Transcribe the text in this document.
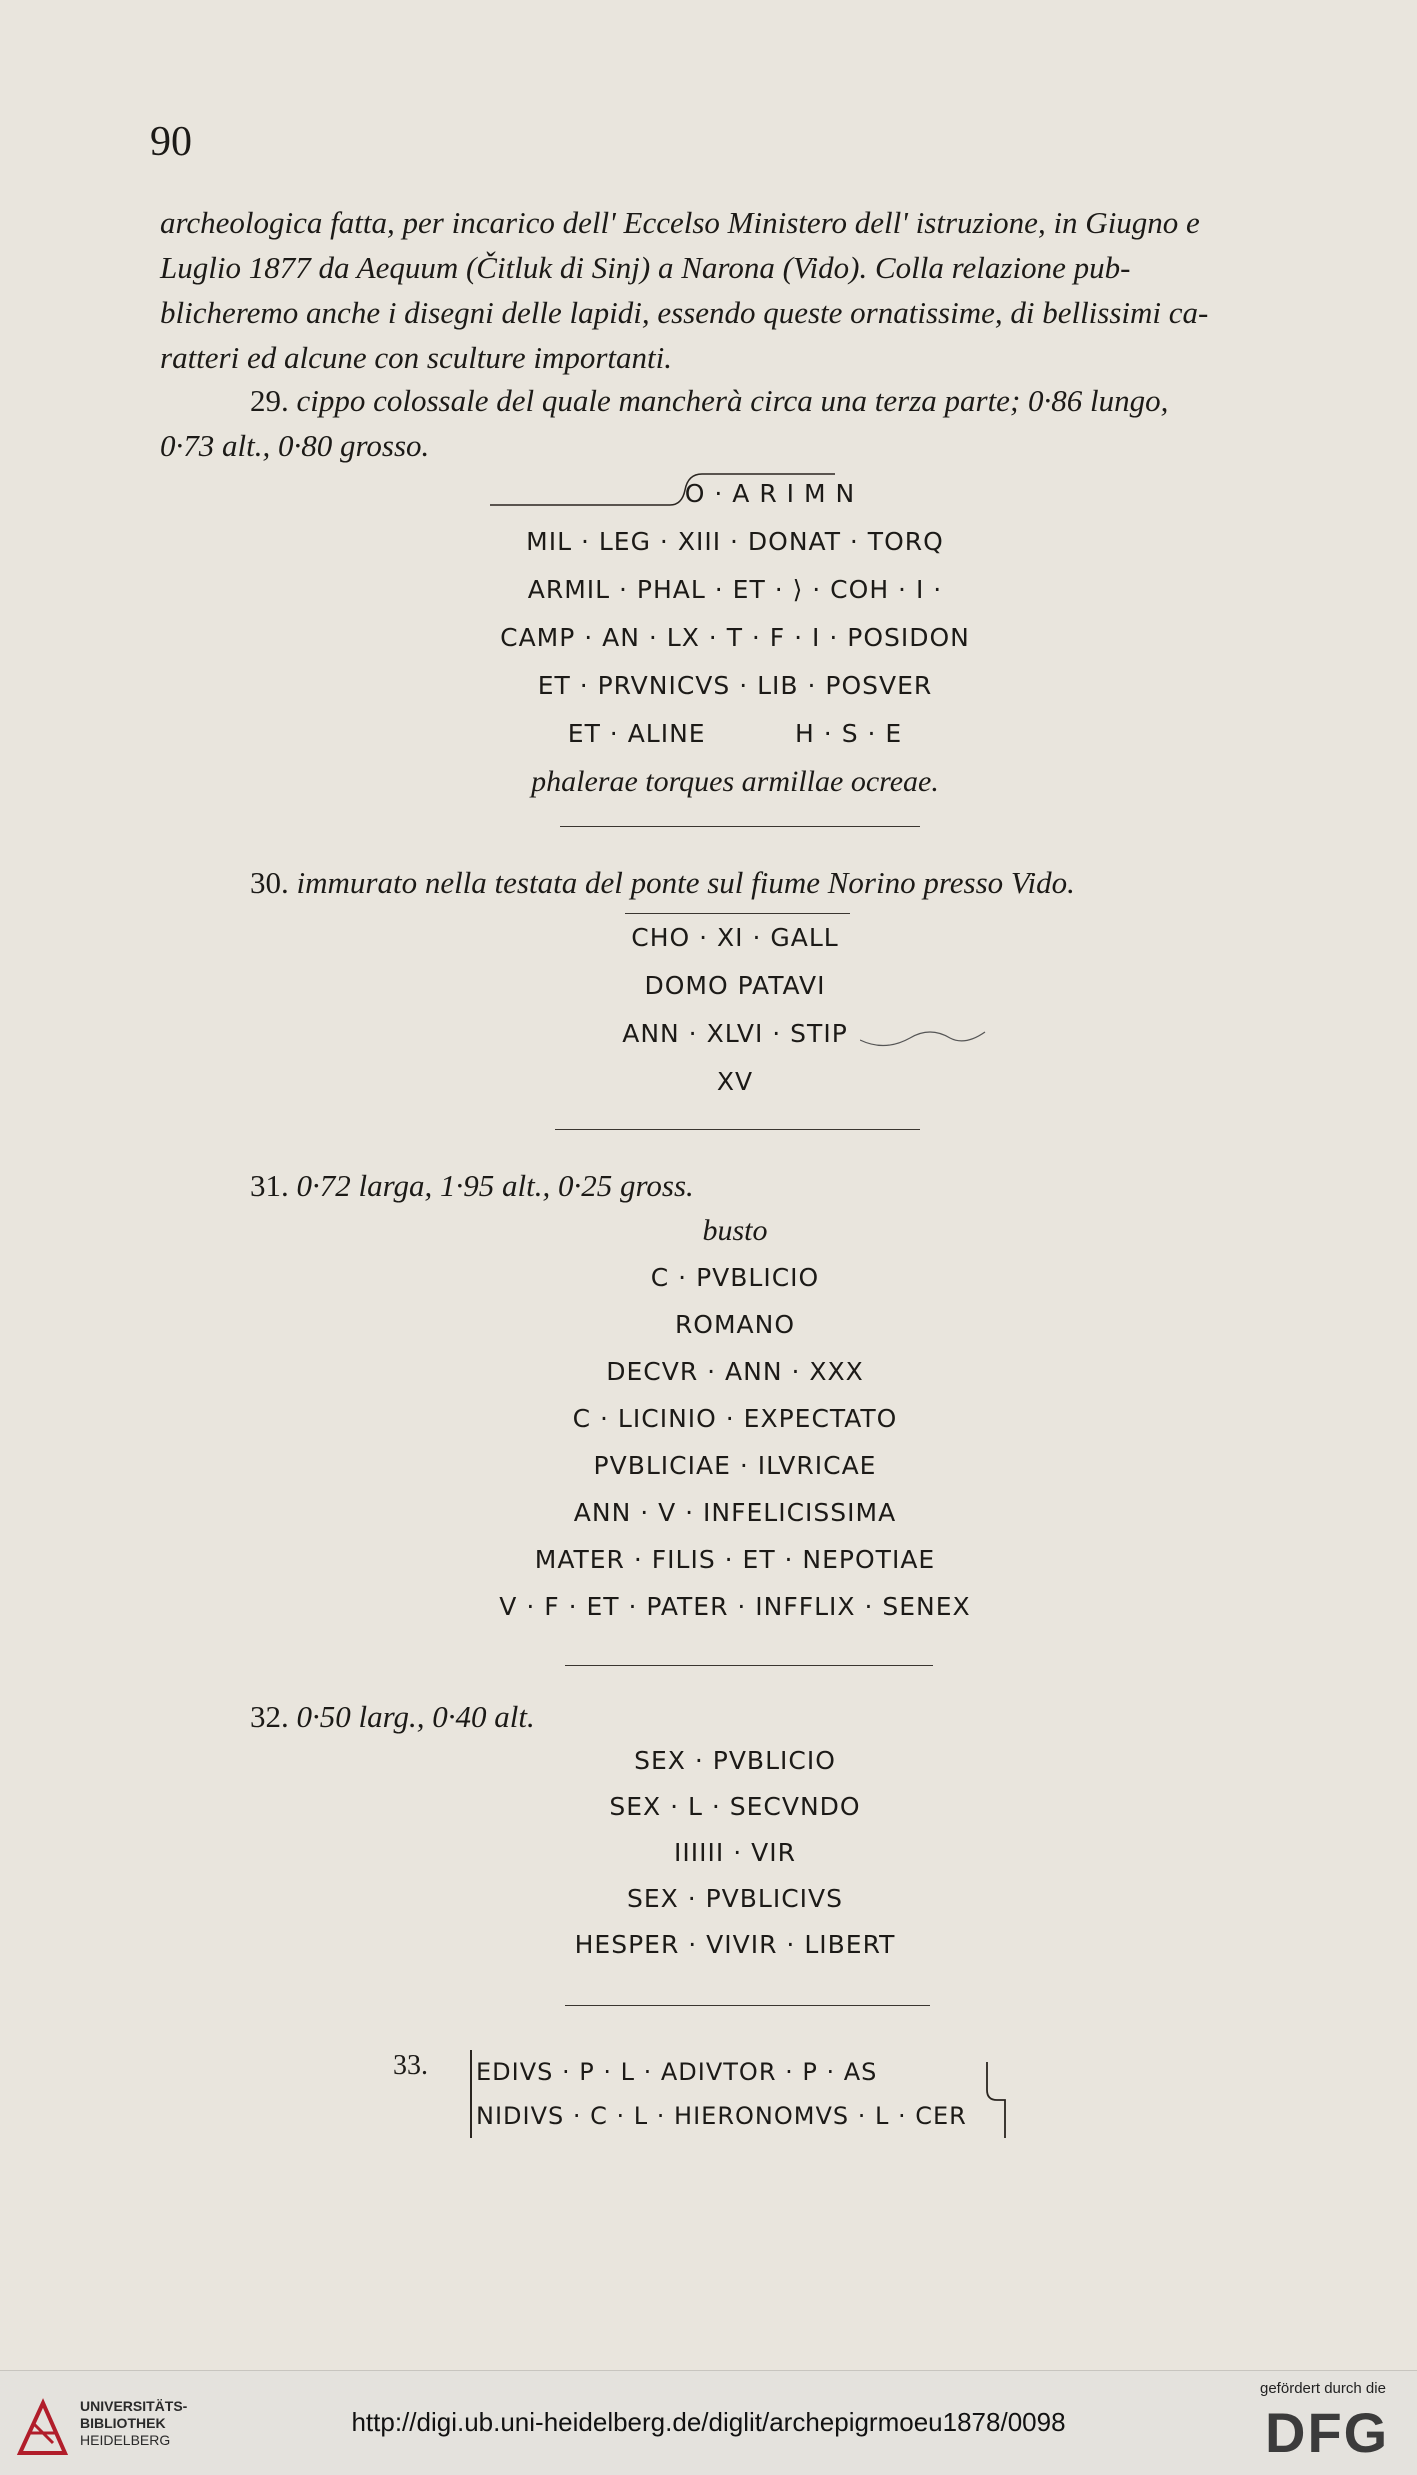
90
archeologica fatta, per incarico dell' Eccelso Ministero dell' istruzione, in Giugno e
Luglio 1877 da Aequum (Čitluk di Sinj) a Narona (Vido). Colla relazione pub-
blicheremo anche i disegni delle lapidi, essendo queste ornatissime, di bellissimi ca-
ratteri ed alcune con sculture importanti.
29. cippo colossale del quale mancherà circa una terza parte; 0·86 lungo,
0·73 alt., 0·80 grosso.
O · A R I M N
MIL · LEG · XIII · DONAT · TORQ
ARMIL · PHAL · ET · ⟩ · COH · I ·
CAMP · AN · LX · T · F · I · POSIDON
ET · PRVNICVS · LIB · POSVER
ET · ALINE          H · S · E
phalerae torques armillae ocreae.
30. immurato nella testata del ponte sul fiume Norino presso Vido.
CHO · XI · GALL
DOMO PATAVI
ANN · XLVI · STIP
XV
31. 0·72 larga, 1·95 alt., 0·25 gross.
busto
C · PVBLICIO
ROMANO
DECVR · ANN · XXX
C · LICINIO · EXPECTATO
PVBLICIAE · ILVRICAE
ANN · V · INFELICISSIMA
MATER · FILIS · ET · NEPOTIAE
V · F · ET · PATER · INFFLIX · SENEX
32. 0·50 larg., 0·40 alt.
SEX · PVBLICIO
SEX · L · SECVNDO
IIIIII · VIR
SEX · PVBLICIVS
HESPER · VIVIR · LIBERT
33. EDIVS · P · L · ADIVTOR · P · AS
NIDIVS · C · L · HIERONOMVS · L · CER
UNIVERSITÄTS-
BIBLIOTHEK
HEIDELBERG
http://digi.ub.uni-heidelberg.de/diglit/archepigrmoeu1878/0098
gefördert durch die
DFG
